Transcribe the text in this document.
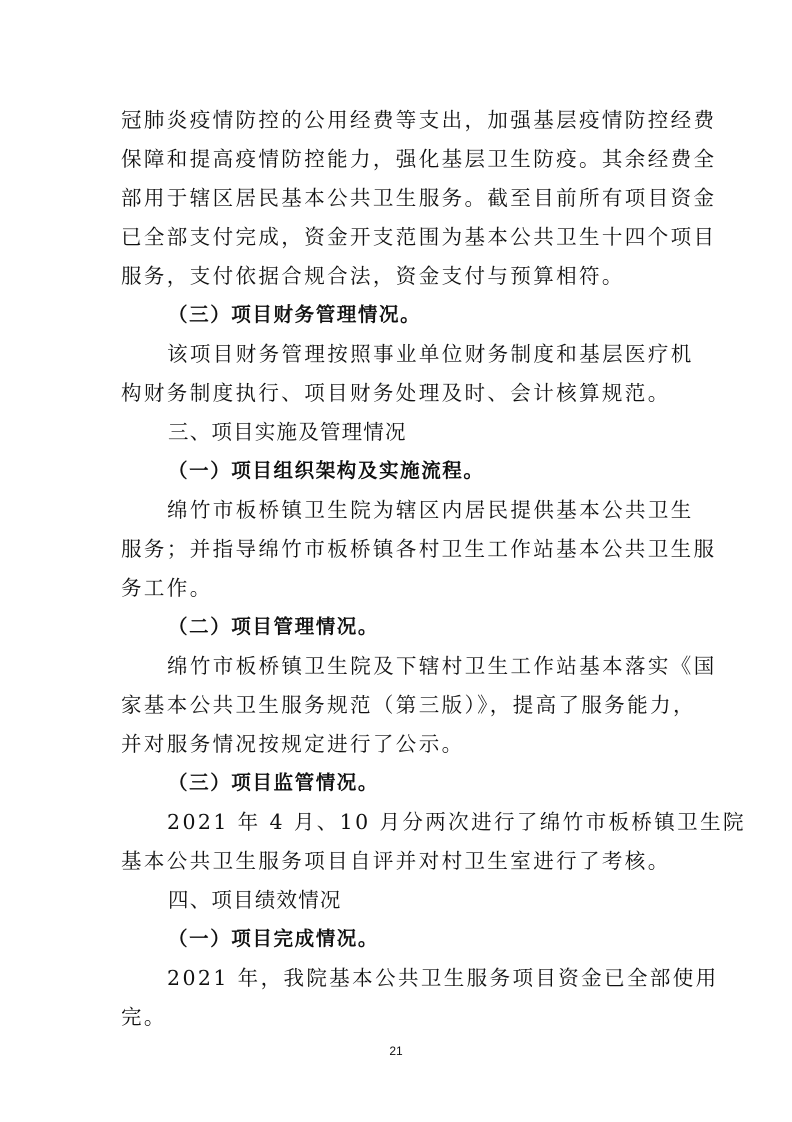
冠肺炎疫情防控的公用经费等支出，加强基层疫情防控经费
保障和提高疫情防控能力，强化基层卫生防疫。其余经费全
部用于辖区居民基本公共卫生服务。截至目前所有项目资金
已全部支付完成，资金开支范围为基本公共卫生十四个项目
服务，支付依据合规合法，资金支付与预算相符。
（三）项目财务管理情况。
该项目财务管理按照事业单位财务制度和基层医疗机
构财务制度执行、项目财务处理及时、会计核算规范。
三、项目实施及管理情况
（一）项目组织架构及实施流程。
绵竹市板桥镇卫生院为辖区内居民提供基本公共卫生
服务；并指导绵竹市板桥镇各村卫生工作站基本公共卫生服
务工作。
（二）项目管理情况。
绵竹市板桥镇卫生院及下辖村卫生工作站基本落实《国
家基本公共卫生服务规范（第三版）》，提高了服务能力，
并对服务情况按规定进行了公示。
（三）项目监管情况。
2021 年 4 月、10 月分两次进行了绵竹市板桥镇卫生院
基本公共卫生服务项目自评并对村卫生室进行了考核。
四、项目绩效情况
（一）项目完成情况。
2021 年，我院基本公共卫生服务项目资金已全部使用
完。
21
